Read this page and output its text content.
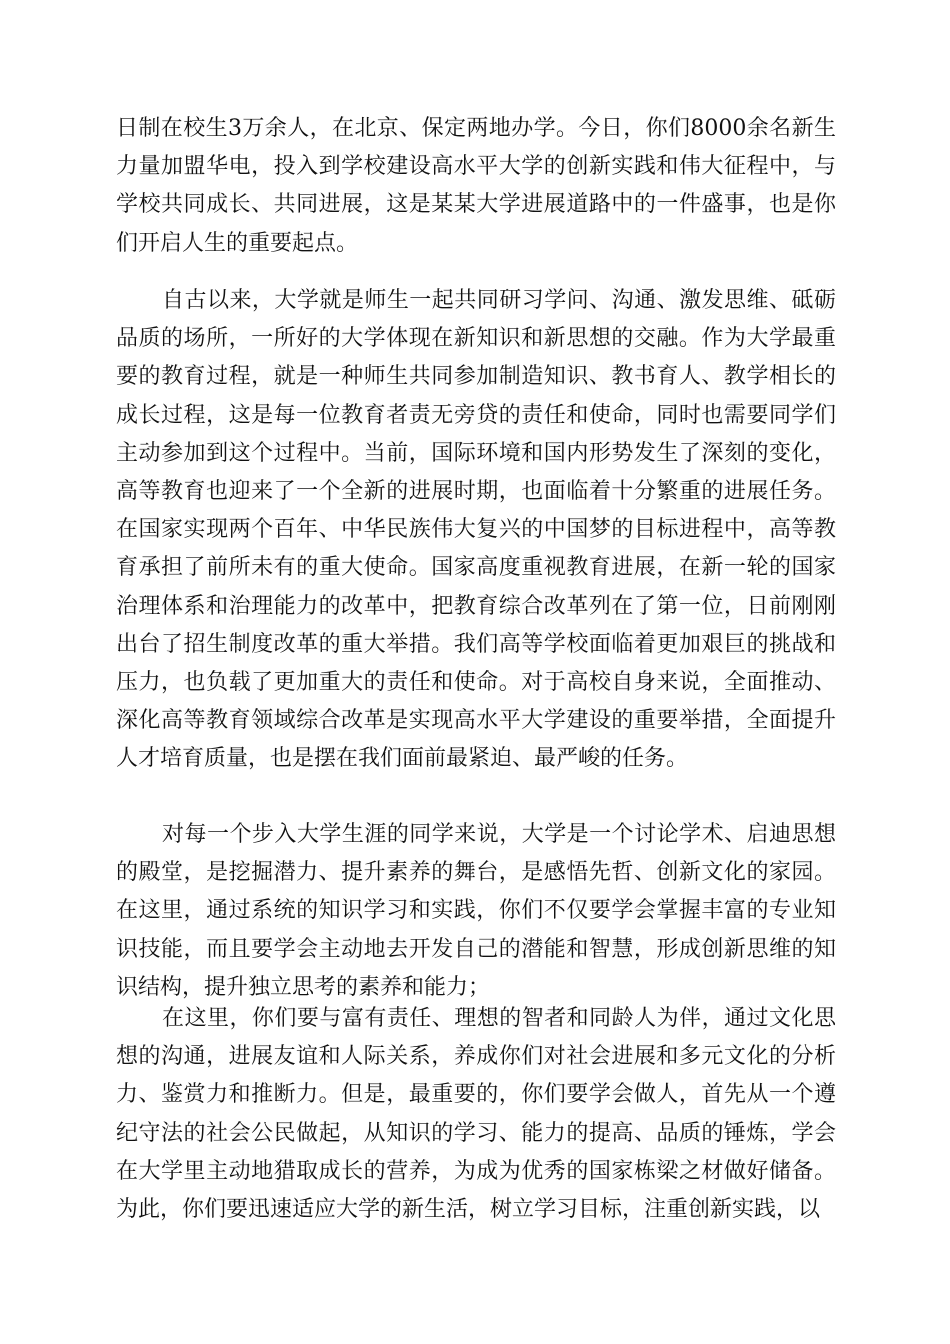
日制在校生3万余人，在北京、保定两地办学。今日，你们8000余名新生力量加盟华电，投入到学校建设高水平大学的创新实践和伟大征程中，与学校共同成长、共同进展，这是某某大学进展道路中的一件盛事，也是你们开启人生的重要起点。

自古以来，大学就是师生一起共同研习学问、沟通、激发思维、砥砺品质的场所，一所好的大学体现在新知识和新思想的交融。作为大学最重要的教育过程，就是一种师生共同参加制造知识、教书育人、教学相长的成长过程，这是每一位教育者责无旁贷的责任和使命，同时也需要同学们主动参加到这个过程中。当前，国际环境和国内形势发生了深刻的变化，高等教育也迎来了一个全新的进展时期，也面临着十分繁重的进展任务。在国家实现两个百年、中华民族伟大复兴的中国梦的目标进程中，高等教育承担了前所未有的重大使命。国家高度重视教育进展，在新一轮的国家治理体系和治理能力的改革中，把教育综合改革列在了第一位，日前刚刚出台了招生制度改革的重大举措。我们高等学校面临着更加艰巨的挑战和压力，也负载了更加重大的责任和使命。对于高校自身来说，全面推动、深化高等教育领域综合改革是实现高水平大学建设的重要举措，全面提升人才培育质量，也是摆在我们面前最紧迫、最严峻的任务。

对每一个步入大学生涯的同学来说，大学是一个讨论学术、启迪思想的殿堂，是挖掘潜力、提升素养的舞台，是感悟先哲、创新文化的家园。在这里，通过系统的知识学习和实践，你们不仅要学会掌握丰富的专业知识技能，而且要学会主动地去开发自己的潜能和智慧，形成创新思维的知识结构，提升独立思考的素养和能力；

在这里，你们要与富有责任、理想的智者和同龄人为伴，通过文化思想的沟通，进展友谊和人际关系，养成你们对社会进展和多元文化的分析力、鉴赏力和推断力。但是，最重要的，你们要学会做人，首先从一个遵纪守法的社会公民做起，从知识的学习、能力的提高、品质的锤炼，学会在大学里主动地猎取成长的营养，为成为优秀的国家栋梁之材做好储备。为此，你们要迅速适应大学的新生活，树立学习目标，注重创新实践，以
